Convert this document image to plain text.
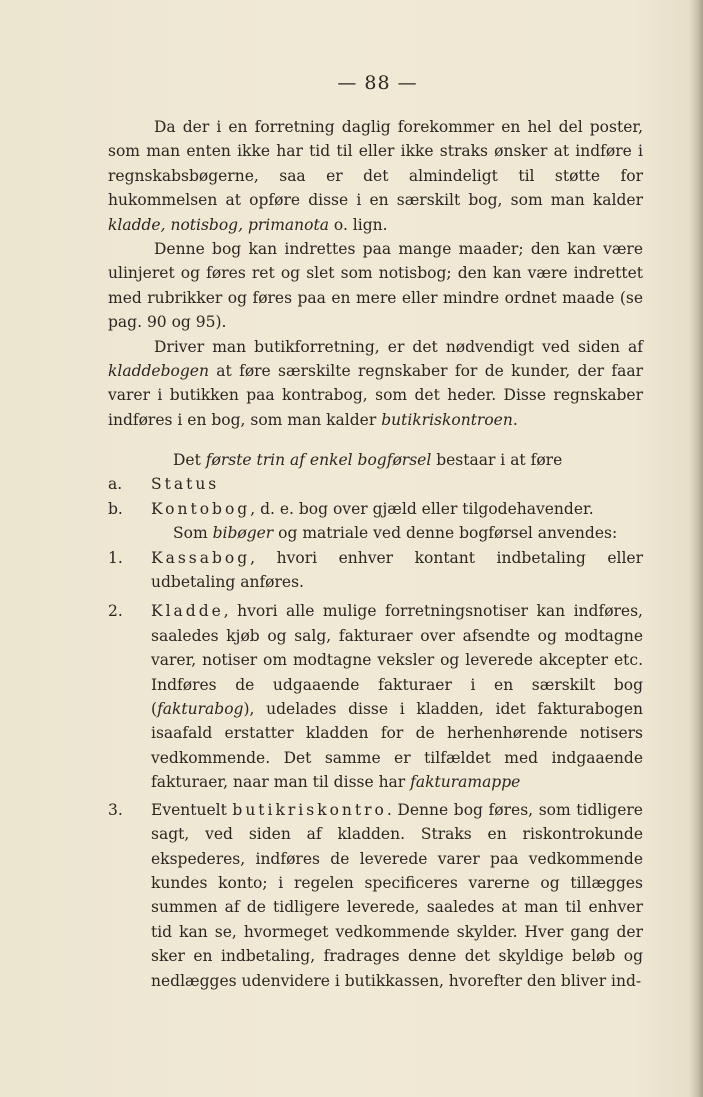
— 88 —

Da der i en forretning daglig forekommer en hel del poster, som man enten ikke har tid til eller ikke straks ønsker at indføre i regnskabsbøgerne, saa er det almindeligt til støtte for hukommelsen at opføre disse i en særskilt bog, som man kalder kladde, notisbog, primanota o. lign.

Denne bog kan indrettes paa mange maader; den kan være ulinjeret og føres ret og slet som notisbog; den kan være indrettet med rubrikker og føres paa en mere eller mindre ordnet maade (se pag. 90 og 95).

Driver man butikforretning, er det nødvendigt ved siden af kladdebogen at føre særskilte regnskaber for de kunder, der faar varer i butikken paa kontrabog, som det heder. Disse regnskaber indføres i en bog, som man kalder butikriskontroen.

Det første trin af enkel bogførsel bestaar i at føre

a. Status

b. Kontobog, d. e. bog over gjæld eller tilgodehavender.

Som bibøger og matriale ved denne bogførsel anvendes:

1. Kassabog, hvori enhver kontant indbetaling eller udbetaling anføres.

2. Kladde, hvori alle mulige forretningsnotiser kan indføres, saaledes kjøb og salg, fakturaer over afsendte og modtagne varer, notiser om modtagne veksler og leverede akcepter etc. Indføres de udgaaende fakturaer i en særskilt bog (fakturabog), udelades disse i kladden, idet fakturabogen isaafald erstatter kladden for de herhenhørende notisers vedkommende. Det samme er tilfældet med indgaaende fakturaer, naar man til disse har fakturamappe

3. Eventuelt butikriskontro. Denne bog føres, som tidligere sagt, ved siden af kladden. Straks en riskontrokunde ekspederes, indføres de leverede varer paa vedkommende kundes konto; i regelen specificeres varerne og tillægges summen af de tidligere leverede, saaledes at man til enhver tid kan se, hvormeget vedkommende skylder. Hver gang der sker en indbetaling, fradrages denne det skyldige beløb og nedlægges udenvidere i butikkassen, hvorefter den bliver ind-
